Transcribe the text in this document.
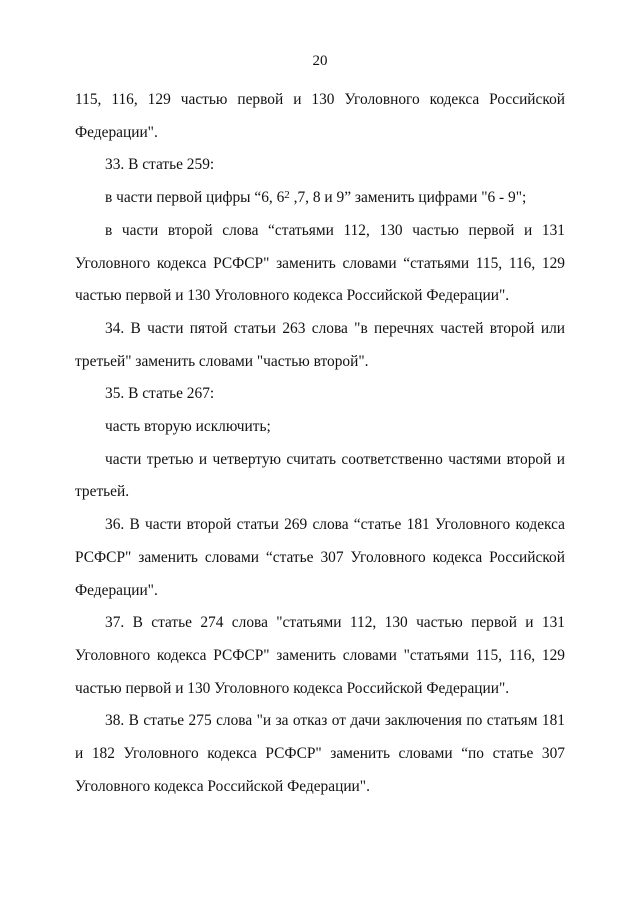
20

115, 116, 129 частью первой и 130 Уголовного кодекса Российской Федерации".

33. В статье 259:

в части первой цифры “6, $6^2$ ,7, 8 и 9” заменить цифрами "6 - 9";

в части второй слова “статьями 112, 130 частью первой и 131 Уголовного кодекса РСФСР" заменить словами “статьями 115, 116, 129 частью первой и 130 Уголовного кодекса Российской Федерации".

34. В части пятой статьи 263 слова "в перечнях частей второй или третьей" заменить словами "частью второй".

35. В статье 267:

часть вторую исключить;

части третью и четвертую считать соответственно частями второй и третьей.

36. В части второй статьи 269 слова “статье 181 Уголовного кодекса РСФСР" заменить словами “статье 307 Уголовного кодекса Российской Федерации".

37. В статье 274 слова "статьями 112, 130 частью первой и 131 Уголовного кодекса РСФСР" заменить словами "статьями 115, 116, 129 частью первой и 130 Уголовного кодекса Российской Федерации".

38. В статье 275 слова "и за отказ от дачи заключения по статьям 181 и 182 Уголовного кодекса РСФСР" заменить словами “по статье 307 Уголовного кодекса Российской Федерации".
